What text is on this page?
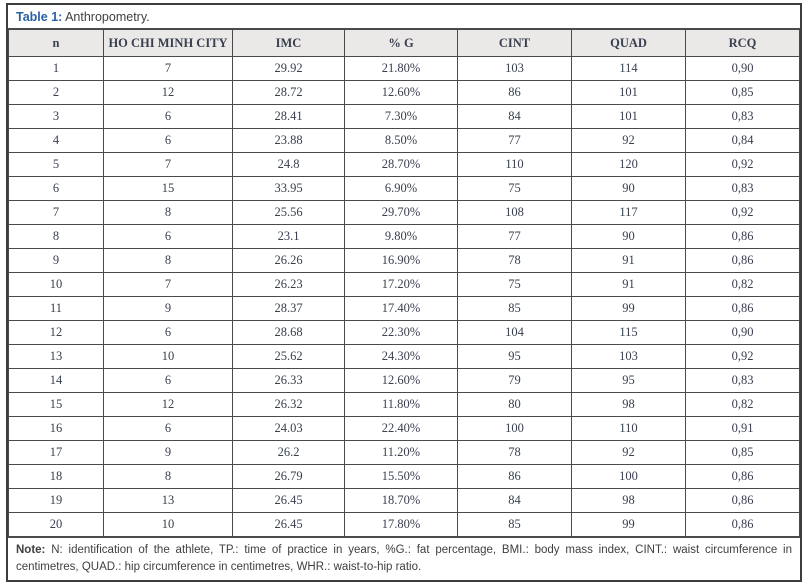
Table 1: Anthropometry.
n	HO CHI MINH CITY	IMC	% G	CINT	QUAD	RCQ
1	7	29.92	21.80%	103	114	0,90
2	12	28.72	12.60%	86	101	0,85
3	6	28.41	7.30%	84	101	0,83
4	6	23.88	8.50%	77	92	0,84
5	7	24.8	28.70%	110	120	0,92
6	15	33.95	6.90%	75	90	0,83
7	8	25.56	29.70%	108	117	0,92
8	6	23.1	9.80%	77	90	0,86
9	8	26.26	16.90%	78	91	0,86
10	7	26.23	17.20%	75	91	0,82
11	9	28.37	17.40%	85	99	0,86
12	6	28.68	22.30%	104	115	0,90
13	10	25.62	24.30%	95	103	0,92
14	6	26.33	12.60%	79	95	0,83
15	12	26.32	11.80%	80	98	0,82
16	6	24.03	22.40%	100	110	0,91
17	9	26.2	11.20%	78	92	0,85
18	8	26.79	15.50%	86	100	0,86
19	13	26.45	18.70%	84	98	0,86
20	10	26.45	17.80%	85	99	0,86
Note: N: identification of the athlete, TP.: time of practice in years, %G.: fat percentage, BMI.: body mass index, CINT.: waist circumference in centimetres, QUAD.: hip circumference in centimetres, WHR.: waist-to-hip ratio.
